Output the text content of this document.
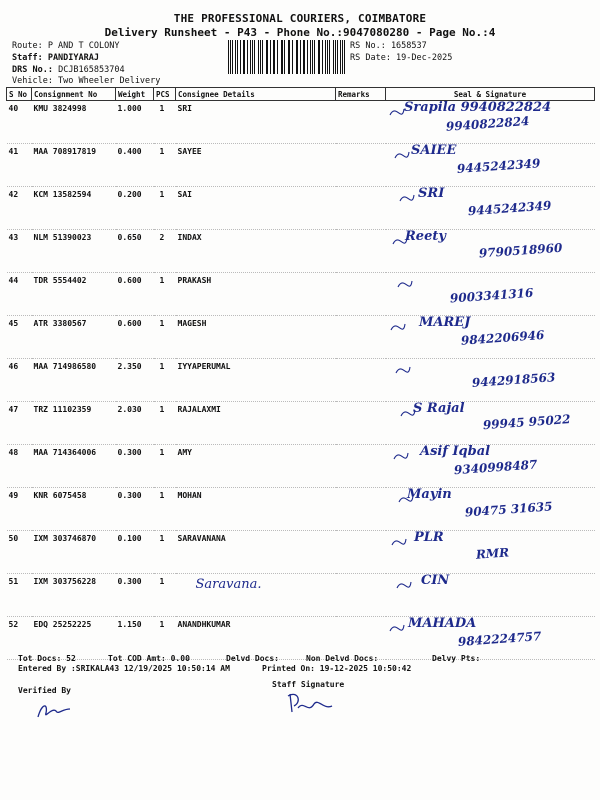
THE PROFESSIONAL COURIERS, COIMBATORE
Delivery Runsheet - P43 - Phone No.:9047080280 - Page No.:4
Route: P AND T COLONY
Staff: PANDIYARAJ
DRS No.: DCJB165853704
Vehicle: Two Wheeler Delivery
RS No.: 1658537
RS Date: 19-Dec-2025
S No	Consignment No	Weight	PCS	Consignee Details	Remarks	Seal & Signature
40	KMU 3824998	1.000	1	SRI		Srapila 9940822824
9940822824

41	MAA 708917819	0.400	1	SAYEE		SAIEE
9445242349

42	KCM 13582594	0.200	1	SAI		SRI
9445242349

43	NLM 51390023	0.650	2	INDAX		Reety
9790518960

44	TDR 5554402	0.600	1	PRAKASH		9003341316

45	ATR 3380567	0.600	1	MAGESH		MAREJ
9842206946

46	MAA 714986580	2.350	1	IYYAPERUMAL		9442918563

47	TRZ 11102359	2.030	1	RAJALAXMI		S Rajal
99945 95022

48	MAA 714364006	0.300	1	AMY		Asif Iqbal
9340998487

49	KNR 6075458	0.300	1	MOHAN		Mayin
90475 31635

50	IXM 303746870	0.100	1	SARAVANANA		PLR
RMR

51	IXM 303756228	0.300	1	Saravana.		CIN

52	EDQ 25252225	1.150	1	ANANDHKUMAR		MAHADA
9842224757
Tot Docs: 52	Tot COD Amt: 0.00	Delvd Docs:	Non Delvd Docs:	Delvy Pts:
Entered By :SRIKALA43 12/19/2025 10:50:14 AM	Printed On: 19-12-2025 10:50:42
Verified By
Staff Signature
